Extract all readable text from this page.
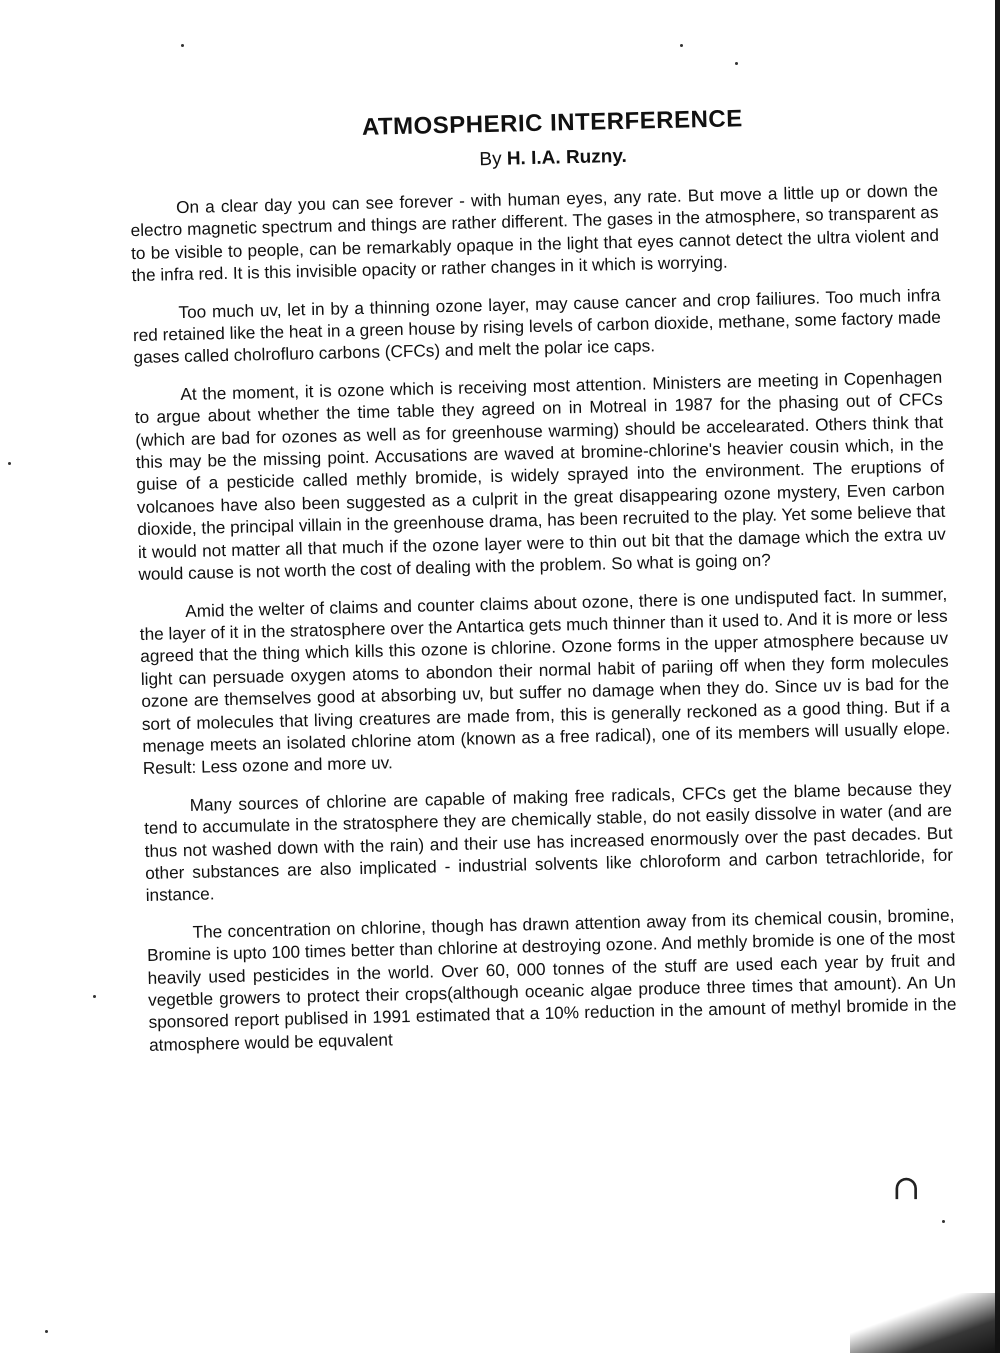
ATMOSPHERIC INTERFERENCE
By H. I.A. Ruzny.

On a clear day you can see forever - with human eyes, any rate. But move a little up or down the electro magnetic spectrum and things are rather different. The gases in the atmosphere, so transparent as to be visible to people, can be remarkably opaque in the light that eyes cannot detect the ultra violent and the infra red. It is this invisible opacity or rather changes in it which is worrying.

Too much uv, let in by a thinning ozone layer, may cause cancer and crop failiures. Too much infra red retained like the heat in a green house by rising levels of carbon dioxide, methane, some factory made gases called cholrofluro carbons (CFCs) and melt the polar ice caps.

At the moment, it is ozone which is receiving most attention. Ministers are meeting in Copenhagen to argue about whether the time table they agreed on in Motreal in 1987 for the phasing out of CFCs (which are bad for ozones as well as for greenhouse warming) should be accelearated. Others think that this may be the missing point. Accusations are waved at bromine-chlorine's heavier cousin which, in the guise of a pesticide called methly bromide, is widely sprayed into the environment. The eruptions of volcanoes have also been suggested as a culprit in the great disappearing ozone mystery, Even carbon dioxide, the principal villain in the greenhouse drama, has been recruited to the play. Yet some believe that it would not matter all that much if the ozone layer were to thin out bit that the damage which the extra uv would cause is not worth the cost of dealing with the problem. So what is going on?

Amid the welter of claims and counter claims about ozone, there is one undisputed fact. In summer, the layer of it in the stratosphere over the Antartica gets much thinner than it used to. And it is more or less agreed that the thing which kills this ozone is chlorine. Ozone forms in the upper atmosphere because uv light can persuade oxygen atoms to abondon their normal habit of pariing off when they form molecules ozone are themselves good at absorbing uv, but suffer no damage when they do. Since uv is bad for the sort of molecules that living creatures are made from, this is generally reckoned as a good thing. But if a menage meets an isolated chlorine atom (known as a free radical), one of its members will usually elope. Result: Less ozone and more uv.

Many sources of chlorine are capable of making free radicals, CFCs get the blame because they tend to accumulate in the stratosphere they are chemically stable, do not easily dissolve in water (and are thus not washed down with the rain) and their use has increased enormously over the past decades. But other substances are also implicated - industrial solvents like chloroform and carbon tetrachloride, for instance.

The concentration on chlorine, though has drawn attention away from its chemical cousin, bromine, Bromine is upto 100 times better than chlorine at destroying ozone. And methly bromide is one of the most heavily used pesticides in the world. Over 60, 000 tonnes of the stuff are used each year by fruit and vegetble growers to protect their crops(although oceanic algae produce three times that amount). An Un sponsored report publised in 1991 estimated that a 10% reduction in the amount of methyl bromide in the atmosphere would be equvalent

∩
